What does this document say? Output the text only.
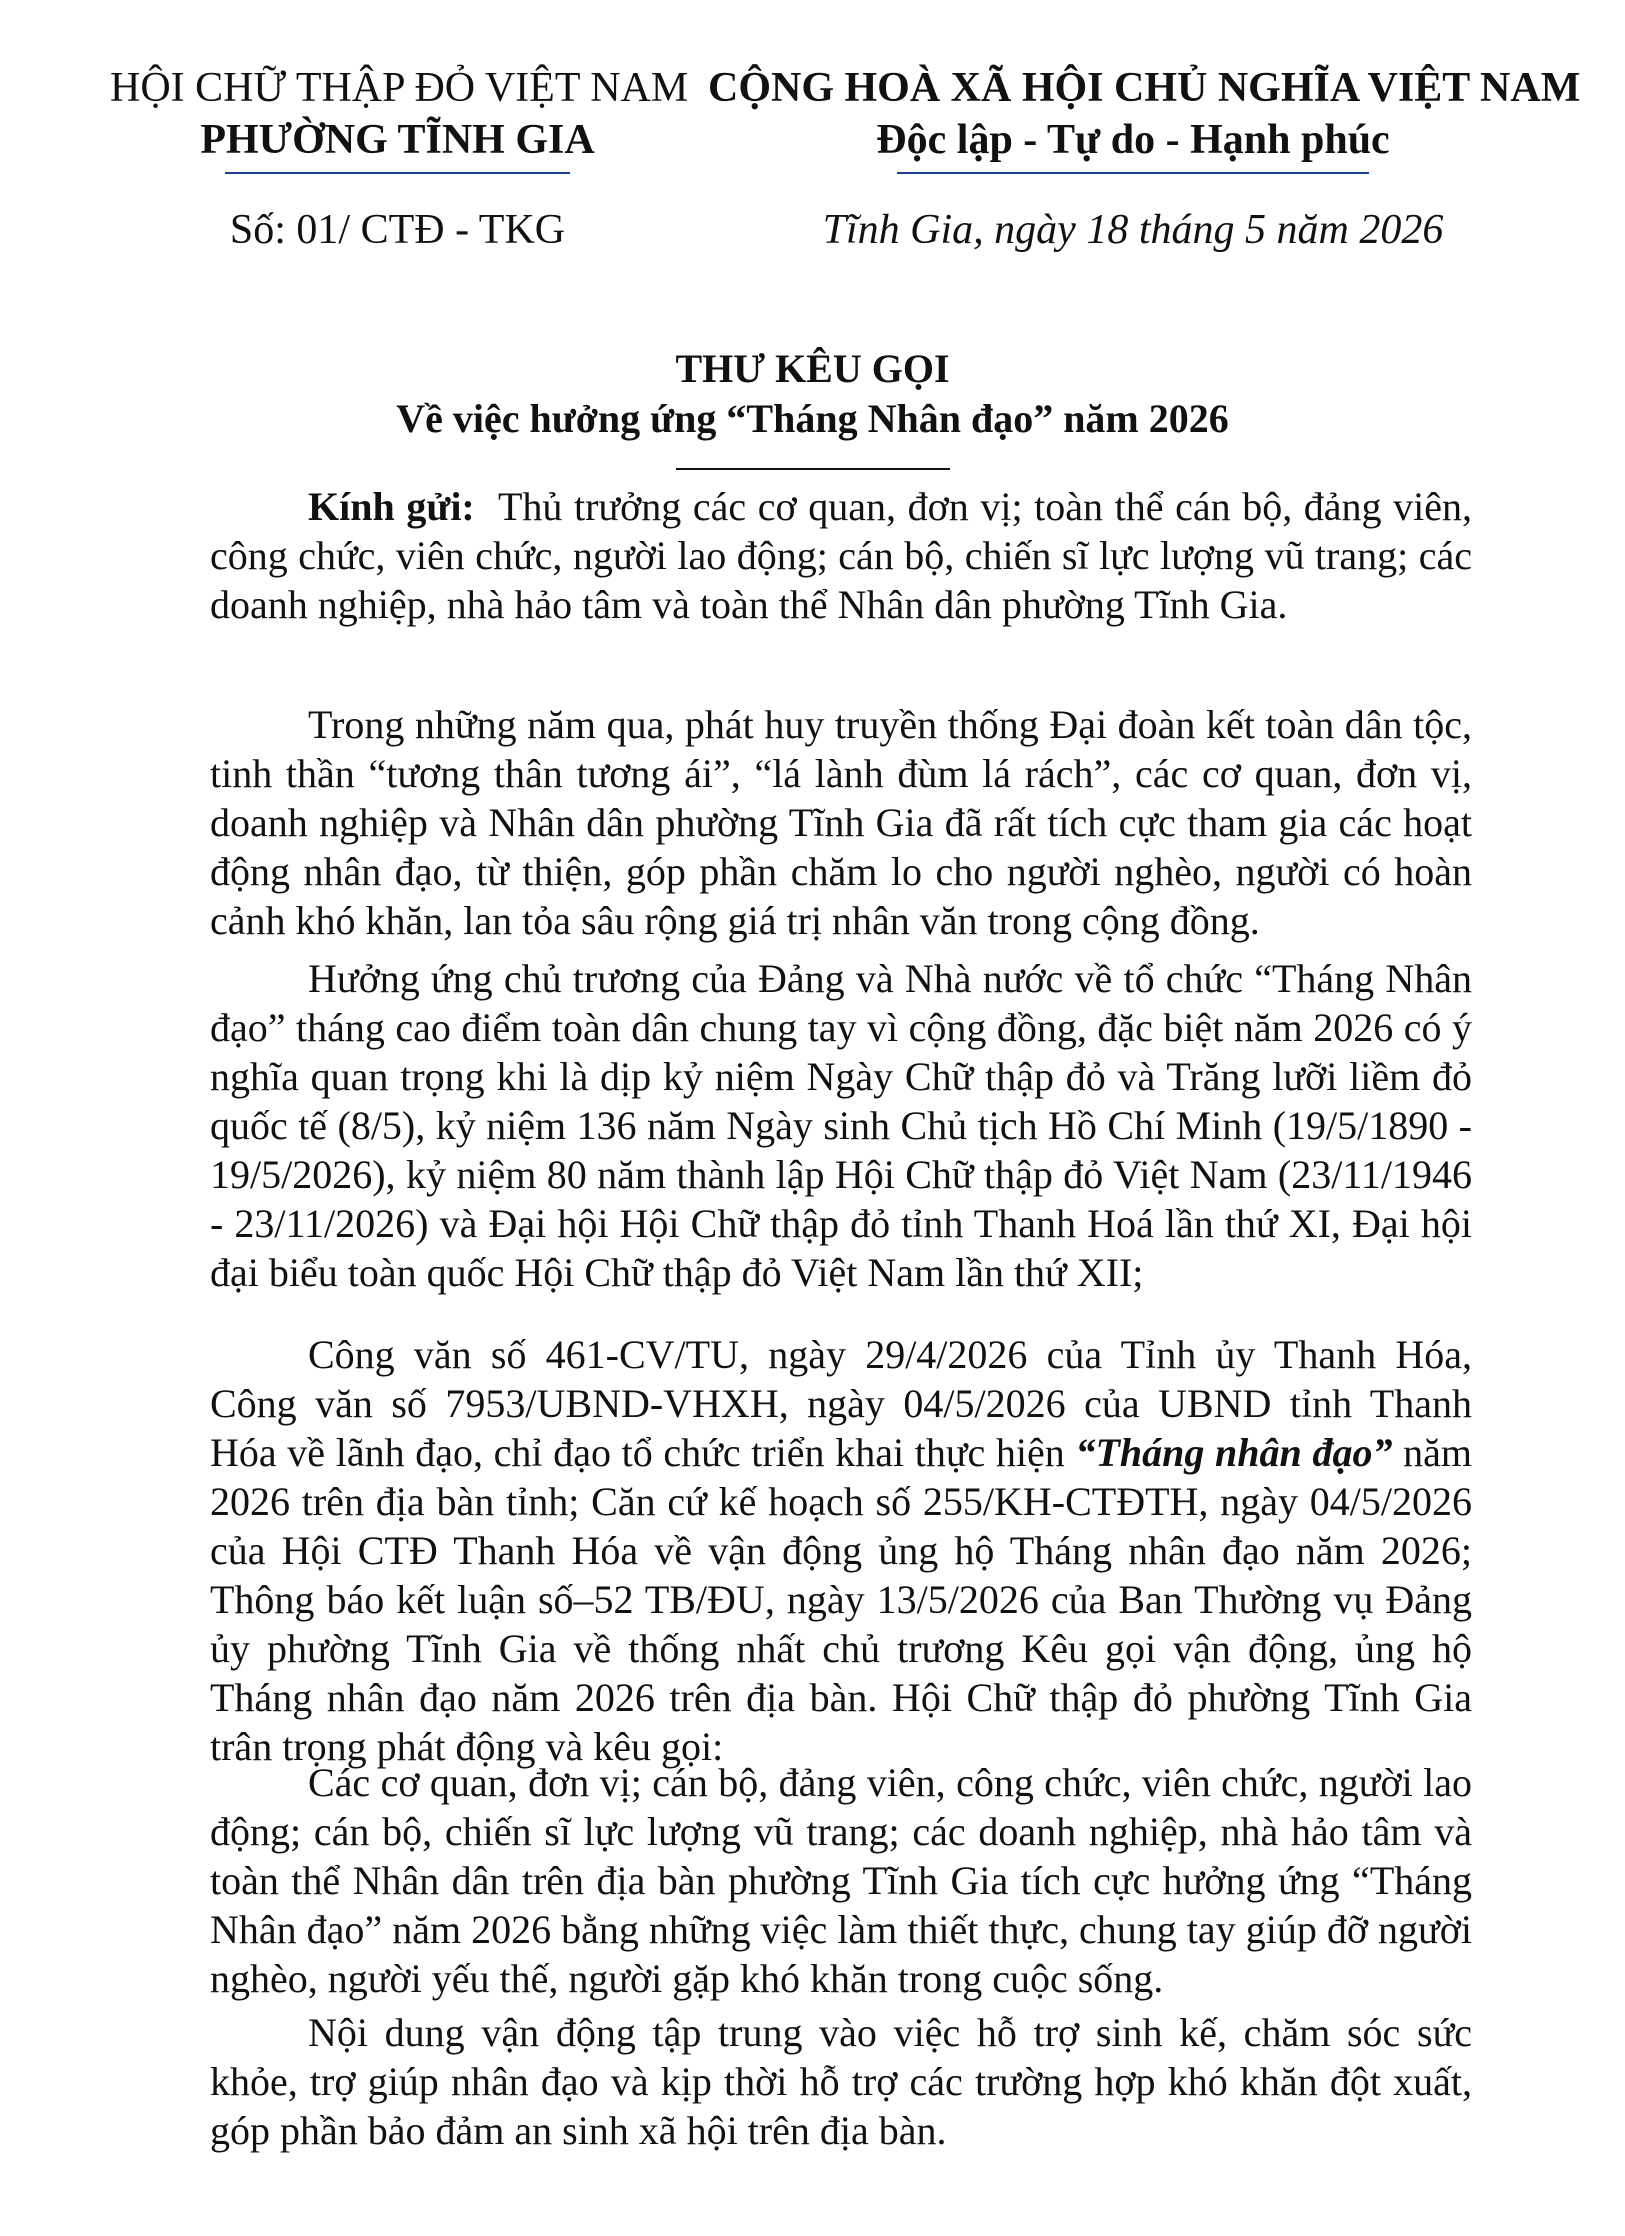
HỘI CHỮ THẬP ĐỎ VIỆT NAM
PHƯỜNG TĨNH GIA
CỘNG HOÀ XÃ HỘI CHỦ NGHĨA VIỆT NAM
Độc lập - Tự do - Hạnh phúc
Số: 01/ CTĐ - TKG	Tĩnh Gia, ngày 18 tháng 5 năm 2026
THƯ KÊU GỌI
Về việc hưởng ứng “Tháng Nhân đạo” năm 2026

Kính gửi: Thủ trưởng các cơ quan, đơn vị; toàn thể cán bộ, đảng viên, công chức, viên chức, người lao động; cán bộ, chiến sĩ lực lượng vũ trang; các doanh nghiệp, nhà hảo tâm và toàn thể Nhân dân phường Tĩnh Gia.

Trong những năm qua, phát huy truyền thống Đại đoàn kết toàn dân tộc, tinh thần “tương thân tương ái”, “lá lành đùm lá rách”, các cơ quan, đơn vị, doanh nghiệp và Nhân dân phường Tĩnh Gia đã rất tích cực tham gia các hoạt động nhân đạo, từ thiện, góp phần chăm lo cho người nghèo, người có hoàn cảnh khó khăn, lan tỏa sâu rộng giá trị nhân văn trong cộng đồng.

Hưởng ứng chủ trương của Đảng và Nhà nước về tổ chức “Tháng Nhân đạo” tháng cao điểm toàn dân chung tay vì cộng đồng, đặc biệt năm 2026 có ý nghĩa quan trọng khi là dịp kỷ niệm Ngày Chữ thập đỏ và Trăng lưỡi liềm đỏ quốc tế (8/5), kỷ niệm 136 năm Ngày sinh Chủ tịch Hồ Chí Minh (19/5/1890 - 19/5/2026), kỷ niệm 80 năm thành lập Hội Chữ thập đỏ Việt Nam (23/11/1946 - 23/11/2026) và Đại hội Hội Chữ thập đỏ tỉnh Thanh Hoá lần thứ XI, Đại hội đại biểu toàn quốc Hội Chữ thập đỏ Việt Nam lần thứ XII;

Công văn số 461-CV/TU, ngày 29/4/2026 của Tỉnh ủy Thanh Hóa, Công văn số 7953/UBND-VHXH, ngày 04/5/2026 của UBND tỉnh Thanh Hóa về lãnh đạo, chỉ đạo tổ chức triển khai thực hiện “Tháng nhân đạo” năm 2026 trên địa bàn tỉnh; Căn cứ kế hoạch số 255/KH-CTĐTH, ngày 04/5/2026 của Hội CTĐ Thanh Hóa về vận động ủng hộ Tháng nhân đạo năm 2026; Thông báo kết luận số–52 TB/ĐU, ngày 13/5/2026 của Ban Thường vụ Đảng ủy phường Tĩnh Gia về thống nhất chủ trương Kêu gọi vận động, ủng hộ Tháng nhân đạo năm 2026 trên địa bàn. Hội Chữ thập đỏ phường Tĩnh Gia trân trọng phát động và kêu gọi:

Các cơ quan, đơn vị; cán bộ, đảng viên, công chức, viên chức, người lao động; cán bộ, chiến sĩ lực lượng vũ trang; các doanh nghiệp, nhà hảo tâm và toàn thể Nhân dân trên địa bàn phường Tĩnh Gia tích cực hưởng ứng “Tháng Nhân đạo” năm 2026 bằng những việc làm thiết thực, chung tay giúp đỡ người nghèo, người yếu thế, người gặp khó khăn trong cuộc sống.

Nội dung vận động tập trung vào việc hỗ trợ sinh kế, chăm sóc sức khỏe, trợ giúp nhân đạo và kịp thời hỗ trợ các trường hợp khó khăn đột xuất, góp phần bảo đảm an sinh xã hội trên địa bàn.
